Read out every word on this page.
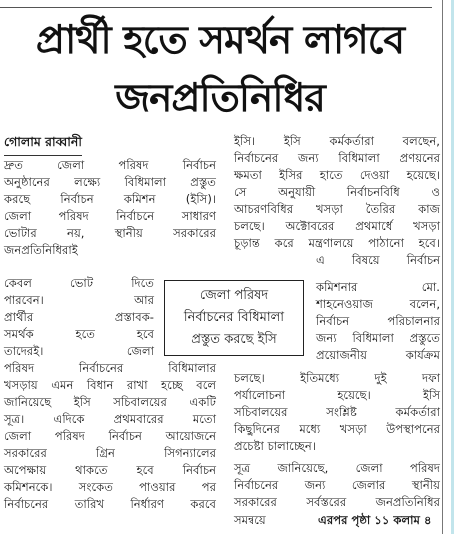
প্রার্থী হতে সমর্থন লাগবে
জনপ্রতিনিধির
গোলাম রাব্বানী
দ্রুত জেলা পরিষদ নির্বাচন
অনুষ্ঠানের লক্ষ্যে বিধিমালা প্রস্তুত
করছে নির্বাচন কমিশন (ইসি)।
জেলা পরিষদ নির্বাচনে সাধারণ
ভোটার নয়, স্থানীয় সরকারের
জনপ্রতিনিধিরাই
কেবল ভোট দিতে
পারবেন। আর
প্রার্থীর প্রস্তাবক-
সমর্থক হতে হবে
তাদেরই। জেলা
পরিষদ নির্বাচনের বিধিমালার
খসড়ায় এমন বিধান রাখা হচ্ছে বলে
জানিয়েছে ইসি সচিবালয়ের একটি
সূত্র। এদিকে প্রথমবারের মতো
জেলা পরিষদ নির্বাচন আয়োজনে
সরকারের গ্রিন সিগন্যালের
অপেক্ষায় থাকতে হবে নির্বাচন
কমিশনকে। সংকেত পাওয়ার পর
নির্বাচনের তারিখ নির্ধারণ করবে
ইসি। ইসি কর্মকর্তারা বলছেন,
নির্বাচনের জন্য বিধিমালা প্রণয়নের
ক্ষমতা ইসির হাতে দেওয়া হয়েছে।
সে অনুযায়ী নির্বাচনবিধি ও
আচরণবিধির খসড়া তৈরির কাজ
চলছে। অক্টোবরের প্রথমার্ধে খসড়া
চূড়ান্ত করে মন্ত্রণালয়ে পাঠানো হবে।
এ বিষয়ে নির্বাচন
কমিশনার মো.
শাহনেওয়াজ বলেন,
নির্বাচন পরিচালনার
জন্য বিধিমালা প্রস্তুতে
প্রয়োজনীয় কার্যক্রম
চলছে। ইতিমধ্যে দুই দফা
পর্যালোচনা হয়েছে। ইসি
সচিবালয়ের সংশ্লিষ্ট কর্মকর্তারা
কিছুদিনের মধ্যে খসড়া উপস্থাপনের
প্রচেষ্টা চালাচ্ছেন।
সূত্র জানিয়েছে, জেলা পরিষদ
নির্বাচনের জন্য জেলার স্থানীয়
সরকারের সর্বস্তরের জনপ্রতিনিধির
সমন্বয়ে	এরপর পৃষ্ঠা ১১ কলাম ৪
জেলা পরিষদ
নির্বাচনের বিধিমালা
প্রস্তুত করছে ইসি
